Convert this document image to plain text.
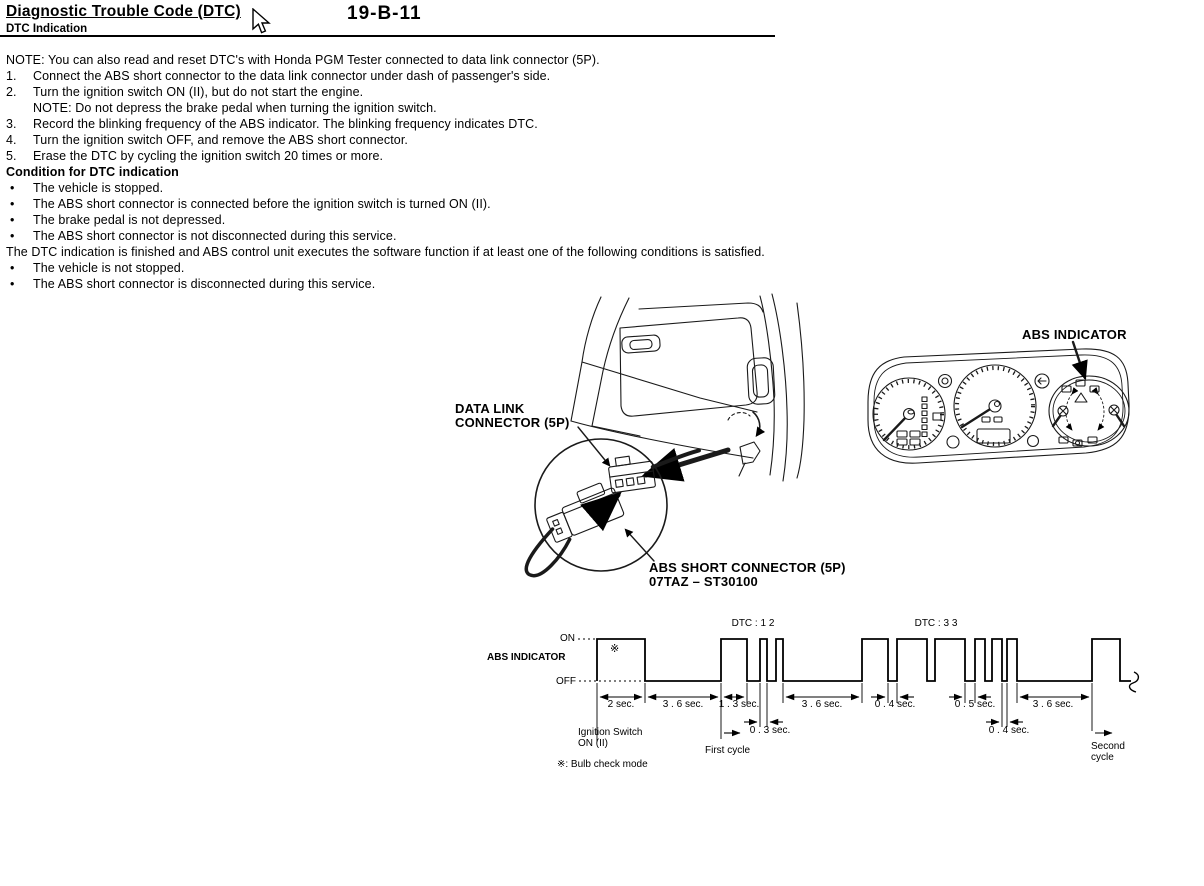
Diagnostic Trouble Code (DTC)
DTC Indication
19-B-11
NOTE: You can also read and reset DTC's with Honda PGM Tester connected to data link connector (5P).
1.	Connect the ABS short connector to the data link connector under dash of passenger's side.
2.	Turn the ignition switch ON (II), but do not start the engine.
NOTE: Do not depress the brake pedal when turning the ignition switch.
3.	Record the blinking frequency of the ABS indicator. The blinking frequency indicates DTC.
4.	Turn the ignition switch OFF, and remove the ABS short connector.
5.	Erase the DTC by cycling the ignition switch 20 times or more.
Condition for DTC indication
•	The vehicle is stopped.
•	The ABS short connector is connected before the ignition switch is turned ON (II).
•	The brake pedal is not depressed.
•	The ABS short connector is not disconnected during this service.
The DTC indication is finished and ABS control unit executes the software function if at least one of the following conditions is satisfied.
•	The vehicle is not stopped.
•	The ABS short connector is disconnected during this service.
DATA LINK
CONNECTOR (5P)
ABS SHORT CONNECTOR (5P)
07TAZ – ST30100
ABS INDICATOR
ABS INDICATOR
ON
OFF
※
DTC : 1 2	DTC : 3 3
2 sec.	3 . 6 sec.	1 . 3 sec.	3 . 6 sec.	0 . 4 sec.	0 . 5 sec.	3 . 6 sec.
0 . 3 sec.	0 . 4 sec.
Ignition Switch
ON (II)
First cycle	Second
cycle
※: Bulb check mode
